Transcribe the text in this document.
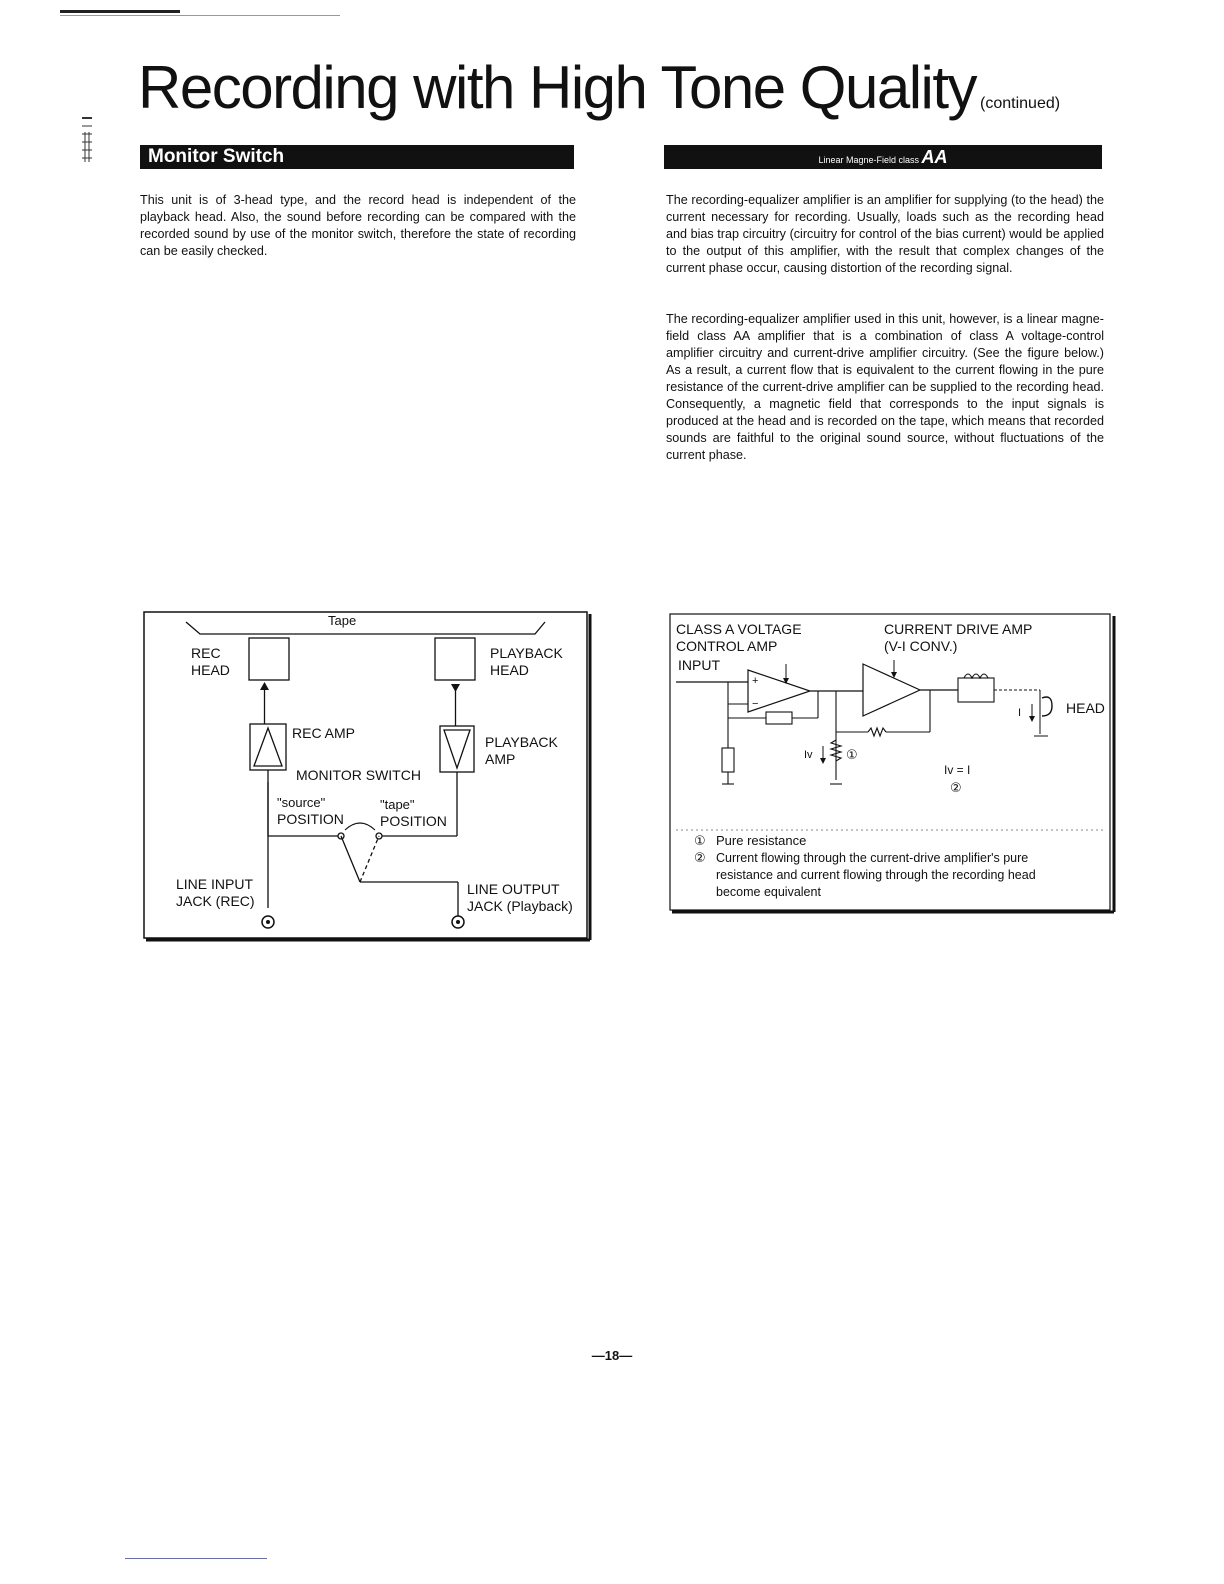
Recording with High Tone Quality (continued)
Monitor Switch	Linear Magne-Field class AA

This unit is of 3-head type, and the record head is independent of the playback head. Also, the sound before recording can be compared with the recorded sound by use of the monitor switch, therefore the state of recording can be easily checked.

The recording-equalizer amplifier is an amplifier for supplying (to the head) the current necessary for recording. Usually, loads such as the recording head and bias trap circuitry (circuitry for control of the bias current) would be applied to the output of this amplifier, with the result that complex changes of the current phase occur, causing distortion of the recording signal.

The recording-equalizer amplifier used in this unit, however, is a linear magne-field class AA amplifier that is a combination of class A voltage-control amplifier circuitry and current-drive amplifier circuitry. (See the figure below.) As a result, a current flow that is equivalent to the current flowing in the pure resistance of the current-drive amplifier can be supplied to the recording head. Consequently, a magnetic field that corresponds to the input signals is produced at the head and is recorded on the tape, which means that recorded sounds are faithful to the original sound source, without fluctuations of the current phase.

Tape
REC
HEAD
PLAYBACK
HEAD
REC AMP
PLAYBACK
AMP
MONITOR SWITCH
"source"
POSITION
"tape"
POSITION
LINE INPUT
JACK (REC)
LINE OUTPUT
JACK (Playback)
CLASS A VOLTAGE
CONTROL AMP
INPUT
CURRENT DRIVE AMP
(V-I CONV.)
+
−	HEAD
I
Iv	①
Iv = I
②
① Pure resistance
② Current flowing through the current-drive amplifier's pure
resistance and current flowing through the recording head
become equivalent
—18—
